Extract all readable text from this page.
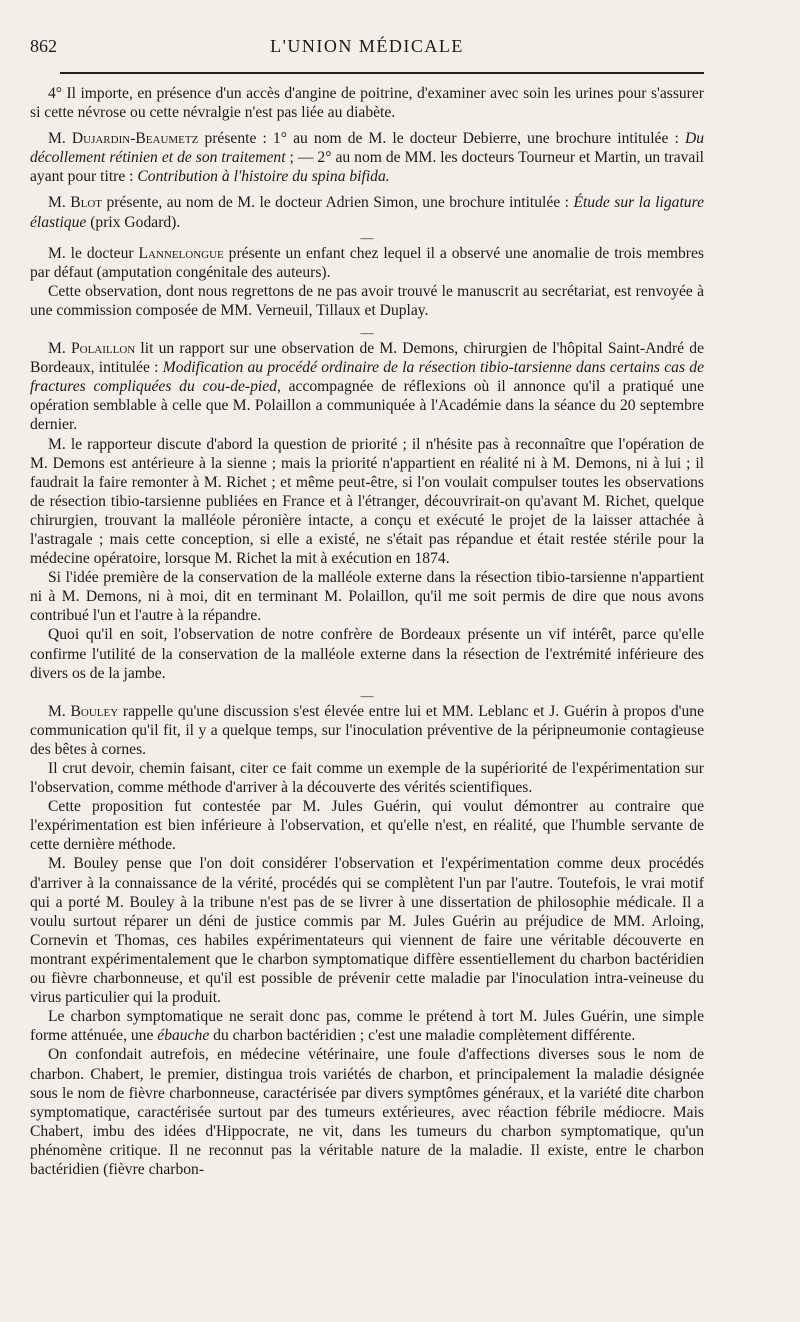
862	L'UNION MÉDICALE

4° Il importe, en présence d'un accès d'angine de poitrine, d'examiner avec soin les urines pour s'assurer si cette névrose ou cette névralgie n'est pas liée au diabète.

M. Dujardin-Beaumetz présente : 1° au nom de M. le docteur Debierre, une brochure intitulée : Du décollement rétinien et de son traitement ; — 2° au nom de MM. les docteurs Tourneur et Martin, un travail ayant pour titre : Contribution à l'histoire du spina bifida.

M. Blot présente, au nom de M. le docteur Adrien Simon, une brochure intitulée : Étude sur la ligature élastique (prix Godard).

—

M. le docteur Lannelongue présente un enfant chez lequel il a observé une anomalie de trois membres par défaut (amputation congénitale des auteurs).

Cette observation, dont nous regrettons de ne pas avoir trouvé le manuscrit au secrétariat, est renvoyée à une commission composée de MM. Verneuil, Tillaux et Duplay.

—

M. Polaillon lit un rapport sur une observation de M. Demons, chirurgien de l'hôpital Saint-André de Bordeaux, intitulée : Modification au procédé ordinaire de la résection tibio-tarsienne dans certains cas de fractures compliquées du cou-de-pied, accompagnée de réflexions où il annonce qu'il a pratiqué une opération semblable à celle que M. Polaillon a communiquée à l'Académie dans la séance du 20 septembre dernier.

M. le rapporteur discute d'abord la question de priorité ; il n'hésite pas à reconnaître que l'opération de M. Demons est antérieure à la sienne ; mais la priorité n'appartient en réalité ni à M. Demons, ni à lui ; il faudrait la faire remonter à M. Richet ; et même peut-être, si l'on voulait compulser toutes les observations de résection tibio-tarsienne publiées en France et à l'étranger, découvrirait-on qu'avant M. Richet, quelque chirurgien, trouvant la malléole péronière intacte, a conçu et exécuté le projet de la laisser attachée à l'astragale ; mais cette conception, si elle a existé, ne s'était pas répandue et était restée stérile pour la médecine opératoire, lorsque M. Richet la mit à exécution en 1874.

Si l'idée première de la conservation de la malléole externe dans la résection tibio-tarsienne n'appartient ni à M. Demons, ni à moi, dit en terminant M. Polaillon, qu'il me soit permis de dire que nous avons contribué l'un et l'autre à la répandre.

Quoi qu'il en soit, l'observation de notre confrère de Bordeaux présente un vif intérêt, parce qu'elle confirme l'utilité de la conservation de la malléole externe dans la résection de l'extrémité inférieure des divers os de la jambe.

—

M. Bouley rappelle qu'une discussion s'est élevée entre lui et MM. Leblanc et J. Guérin à propos d'une communication qu'il fit, il y a quelque temps, sur l'inoculation préventive de la péripneumonie contagieuse des bêtes à cornes.

Il crut devoir, chemin faisant, citer ce fait comme un exemple de la supériorité de l'expérimentation sur l'observation, comme méthode d'arriver à la découverte des vérités scientifiques.

Cette proposition fut contestée par M. Jules Guérin, qui voulut démontrer au contraire que l'expérimentation est bien inférieure à l'observation, et qu'elle n'est, en réalité, que l'humble servante de cette dernière méthode.

M. Bouley pense que l'on doit considérer l'observation et l'expérimentation comme deux procédés d'arriver à la connaissance de la vérité, procédés qui se complètent l'un par l'autre. Toutefois, le vrai motif qui a porté M. Bouley à la tribune n'est pas de se livrer à une dissertation de philosophie médicale. Il a voulu surtout réparer un déni de justice commis par M. Jules Guérin au préjudice de MM. Arloing, Cornevin et Thomas, ces habiles expérimentateurs qui viennent de faire une véritable découverte en montrant expérimentalement que le charbon symptomatique diffère essentiellement du charbon bactéridien ou fièvre charbonneuse, et qu'il est possible de prévenir cette maladie par l'inoculation intra-veineuse du virus particulier qui la produit.

Le charbon symptomatique ne serait donc pas, comme le prétend à tort M. Jules Guérin, une simple forme atténuée, une ébauche du charbon bactéridien ; c'est une maladie complètement différente.

On confondait autrefois, en médecine vétérinaire, une foule d'affections diverses sous le nom de charbon. Chabert, le premier, distingua trois variétés de charbon, et principalement la maladie désignée sous le nom de fièvre charbonneuse, caractérisée par divers symptômes généraux, et la variété dite charbon symptomatique, caractérisée surtout par des tumeurs extérieures, avec réaction fébrile médiocre. Mais Chabert, imbu des idées d'Hippocrate, ne vit, dans les tumeurs du charbon symptomatique, qu'un phénomène critique. Il ne reconnut pas la véritable nature de la maladie. Il existe, entre le charbon bactéridien (fièvre charbon-
